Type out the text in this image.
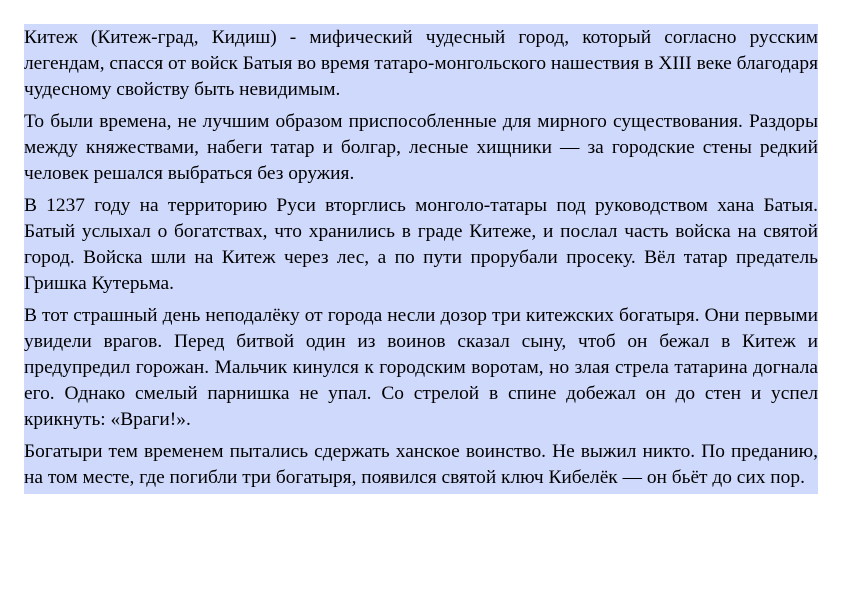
Китеж (Китеж-град, Кидиш) - мифический чудесный город, который согласно русским легендам, спасся от войск Батыя во время татаро-монгольского нашествия в XIII веке благодаря чудесному свойству быть невидимым.

То были времена, не лучшим образом приспособленные для мирного существования. Раздоры между княжествами, набеги татар и болгар, лесные хищники — за городские стены редкий человек решался выбраться без оружия.

В 1237 году на территорию Руси вторглись монголо-татары под руководством хана Батыя. Батый услыхал о богатствах, что хранились в граде Китеже, и послал часть войска на святой город. Войска шли на Китеж через лес, а по пути прорубали просеку. Вёл татар предатель Гришка Кутерьма.

В тот страшный день неподалёку от города несли дозор три китежских богатыря. Они первыми увидели врагов. Перед битвой один из воинов сказал сыну, чтоб он бежал в Китеж и предупредил горожан. Мальчик кинулся к городским воротам, но злая стрела татарина догнала его. Однако смелый парнишка не упал. Со стрелой в спине добежал он до стен и успел крикнуть: «Враги!».

Богатыри тем временем пытались сдержать ханское воинство. Не выжил никто. По преданию, на том месте, где погибли три богатыря, появился святой ключ Кибелёк — он бьёт до сих пор.
